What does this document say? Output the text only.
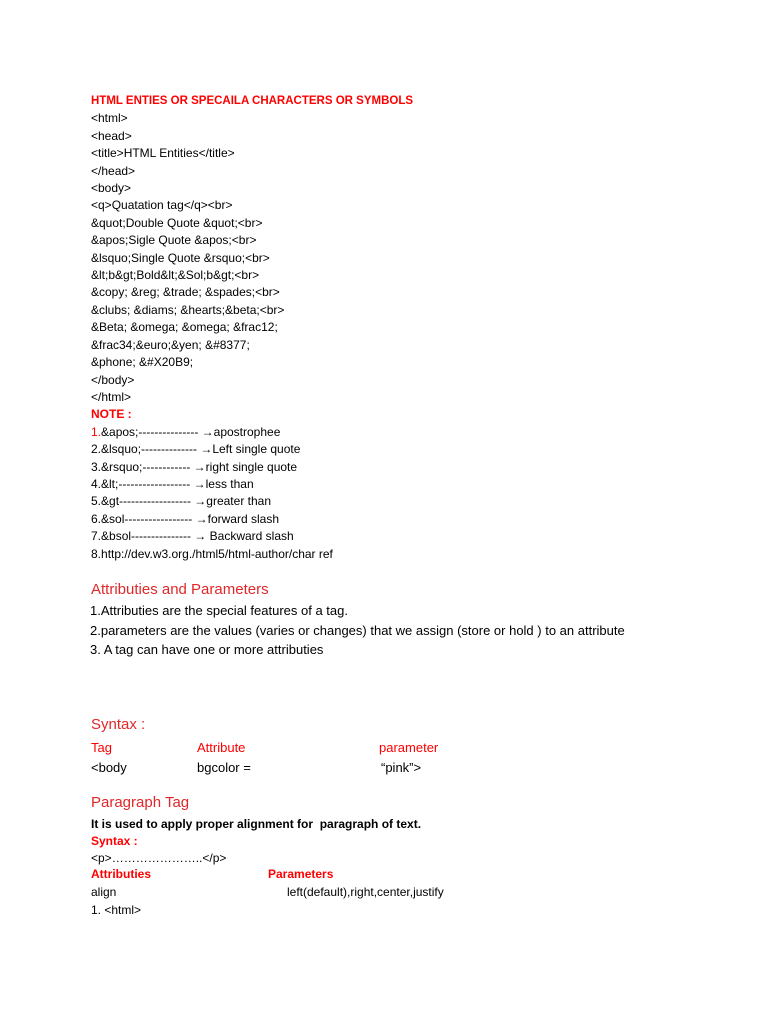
HTML ENTIES OR SPECAILA CHARACTERS OR SYMBOLS
<html>
<head>
<title>HTML Entities</title>
</head>
<body>
<q>Quatation tag</q><br>
&quot;Double Quote &quot;<br>
&apos;Sigle Quote &apos;<br>
&lsquo;Single Quote &rsquo;<br>
&lt;b&gt;Bold&lt;&Sol;b&gt;<br>
&copy; &reg; &trade; &spades;<br>
&clubs; &diams; &hearts;&beta;<br>
&Beta; &omega; &omega; &frac12;
&frac34;&euro;&yen; &#8377;
&phone; &#X20B9;
</body>
</html>
NOTE :
1.&apos;--------------- →apostrophee
2.&lsquo;-------------- →Left single quote
3.&rsquo;------------ →right single quote
4.&lt;------------------ →less than
5.&gt------------------ →greater than
6.&sol----------------- →forward slash
7.&bsol--------------- → Backward slash
8.http://dev.w3.org./html5/html-author/char ref
Attributies and Parameters
1.Attributies are the special features of a tag.
2.parameters are the values (varies or changes) that we assign (store or hold ) to an attribute
3. A tag can have one or more attributies
Syntax :
Tag	Attribute	parameter
<body	bgcolor =	“pink”>
Paragraph Tag
It is used to apply proper alignment for  paragraph of text.
Syntax :
<p>…………………..</p>
Attributies	Parameters
align	left(default),right,center,justify
1. <html>
